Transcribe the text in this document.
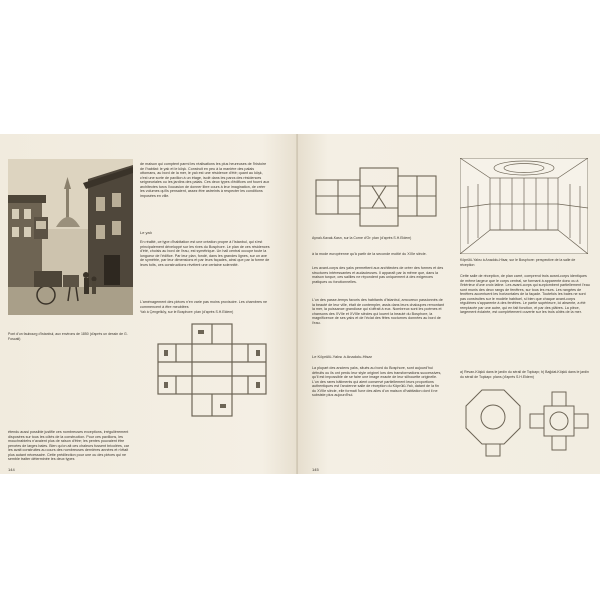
de maison qui comptent parmi les réalisations les plus heureuses de l'histoire de l'habitat: le yalı et le köşk. Construit en peu à la manière des palais ottomans, au bord de la mer, le yalı est une résidence d'été; quant au köşk, c'est une sorte de pavillon à un étage, isolé dans les parcs des résidences seigneuriales ou les jardins des palais. Ces deux types d'édifices ont fourni aux architectes turcs l'occasion de donner libre cours à leur imagination, de créer les volumes qu'ils pensaient, assez être astreints à respecter les conditions imposées en ville.
Le yalı
En réalité, ce type d'habitation est une création propre à l'Istanbul, qui s'est principalement développé sur les rives du Bosphore. Le plan de ces résidences d'été, choisis au bord de l'eau, est symétrique. Un hall central occupe toute la longueur de l'édifice. Par leur plan, fondé, dans les grandes lignes, sur un axe de symétrie, par leur dimensions et par leurs façades, ainsi que par la forme de leurs toits, ces constructions révèlent une certaine solennité.
L'aménagement des pièces n'en varie pas moins provisoire. Les chambres ne commencent à être meublées
Pont d'un faubourg d'Istanbul, aux environs de 1850 (d'après un dessin de G. Foscati)
Yalı à Çengelköy, sur le Bosphore: plan (d'après S.H.Eldem)
étendu aussi possible justifie ces nombreuses exceptions, irrégulièrement disposées sur tous les côtés de la construction. Pour ces pavillons, les mouchrabiehs n'avaient plus de raison d'être; les pentes pouvaient être percées de larges baies. Bien qu'on ait ces chaleurs fussent bricolées, car les avait construites au cours des nombreuses dernières années et n'était plus autant nécessaire. Cette prédilection pour une ou des pièces qui ne semble traiter déterminée les deux types
144
Aynalı-Kavak-Kasrı, sur la Corne d'Or: plan (d'après S.H.Eldem)
à la mode européenne qu'à partir de la seconde moitié du XIXe siècle.
Les avant-corps des yalıs permettent aux architectes de créer des formes et des structures intéressantes et audacieuses. Il apparaît par la même que, dans la maison turque, ces saillies ne répondent pas uniquement à des exigences pratiques ou fonctionnelles.
L'un des passe-temps favoris des habitants d'Istanbul, amoureux passionnés de la beauté de leur ville, était de contempler, assis dans leurs chaloupes remontant la mer, la puissance grandiose qui s'offrait à eux. Nombreux sont les poèmes et chansons des XVIIe et XVIIIe siècles qui louent la beauté du Bosphore, la magnificence de ses yalıs et de l'éclat des fêtes nocturnes données au bord de l'eau.
Le Köprülü-Yalısı à Anadolu-Hisar
La plupart des anciens yalıs, situés au bord du Bosphore, sont aujourd'hui détruits ou ils ont perdu leur style originel lors des transformations successives, qu'il est impossible de se faire une image exacte de leur silhouette originelle. L'un des rares bâtiments qui aient conservé partiellement leurs proportions authentiques est l'ancienne salle de réception du Köprülü-Yalı, datant de la fin du XVIIe siècle, elle formait l'une des ailes d'un maison d'habitation dont il ne subsiste plus aujourd'hui.
145
Köprülü-Yalısı à Anadolu-Hisar, sur le Bosphore: perspective de la salle de réception
Cette salle de réception, de plan carré, comprend trois avant-corps identiques de même largeur que le corps central, se formant à apparente donc ou à l'intérieur d'une croix latine. Les avant-corps qui surplombent partiellement l'eau sont munis des deux rangs de fenêtres, sur tous les murs. Les rangées de fenêtres accentuent les horizontales de la façade. Toutefois les baies ne sont pas construites sur le modèle habituel, si bien que chaque avant-corps régulières s'apparente à des fenêtres. Le partie supérieure, ici absente, a été remplacée par une autre, qui en fait fonction, et par des plâtres. La pièce, largement éclairée, est complètement ouverte sur les trois côtés de la mer.
a) Revan-Köşkü dans le jardin du sérail de Topkapı; b) Bağdat-Köşkü dans le jardin du sérail de Topkapı: plans (d'après S.H.Eldem)
